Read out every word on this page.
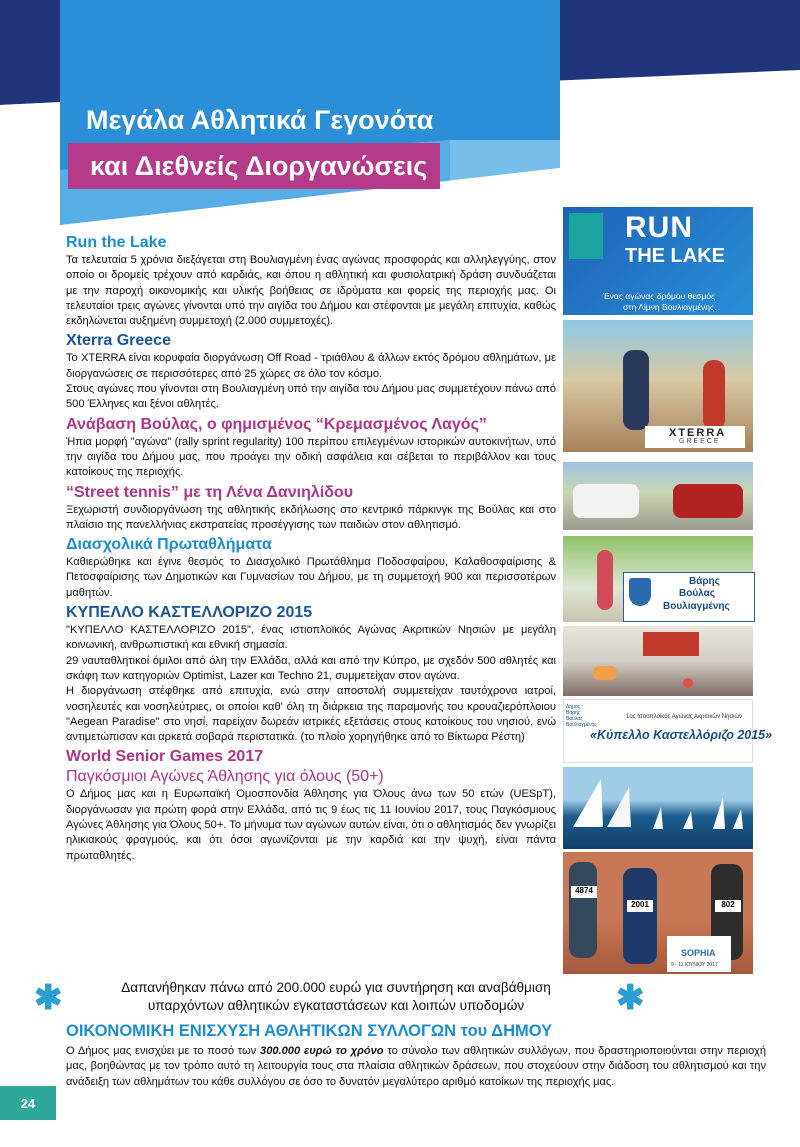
Μεγάλα Αθλητικά Γεγονότα
και Διεθνείς Διοργανώσεις

Run the Lake

Τα τελευταία 5 χρόνια διεξάγεται στη Βουλιαγμένη ένας αγώνας προσφοράς και αλληλεγγύης, στον οποίο οι δρομείς τρέχουν από καρδιάς, και όπου η αθλητική και φυσιολατρική δράση συνδυάζεται με την παροχή οικονομικής και υλικής βοήθειας σε ιδρύματα και φορείς της περιοχής μας. Οι τελευταίοι τρεις αγώνες γίνονται υπό την αιγίδα του Δήμου και στέφονται με μεγάλη επιτυχία, καθώς εκδηλώνεται αυξημένη συμμετοχή (2.000 συμμετοχές).

Xterra Greece

Το XTERRA είναι κορυφαία διοργάνωση Off Road - τριάθλου & άλλων εκτός δρόμου αθλημάτων, με διοργανώσεις σε περισσότερες από 25 χώρες σε όλο τον κόσμο.

Στους αγώνες που γίνονται στη Βουλιαγμένη υπό την αιγίδα του Δήμου μας συμμετέχουν πάνω από 500 Έλληνες και ξένοι αθλητές.

Ανάβαση Βούλας, ο φημισμένος “Κρεμασμένος Λαγός”

Ήπια μορφή "αγώνα" (rally sprint regularity) 100 περίπου επιλεγμένων ιστορικών αυτοκινήτων, υπό την αιγίδα του Δήμου μας, που προάγει την οδική ασφάλεια και σέβεται το περιβάλλον και τους κατοίκους της περιοχής.

“Street tennis” με τη Λένα Δανιηλίδου

Ξεχωριστή συνδιοργάνωση της αθλητικής εκδήλωσης στο κεντρικό πάρκινγκ της Βούλας και στο πλαίσιο της πανελλήνιας εκστρατείας προσέγγισης των παιδιών στον αθλητισμό.

Διασχολικά Πρωταθλήματα

Καθιερώθηκε και έγινε θεσμός το Διασχολικό Πρωτάθλημα Ποδοσφαίρου, Καλαθοσφαίρισης & Πετοσφαίρισης των Δημοτικών και Γυμνασίων του Δήμου, με τη συμμετοχή 900 και περισσοτέρων μαθητών.

ΚΥΠΕΛΛΟ ΚΑΣΤΕΛΛΟΡΙΖΟ 2015

"ΚΥΠΕΛΛΟ ΚΑΣΤΕΛΛΟΡΙΖΟ 2015", ένας ιστιοπλοϊκός Αγώνας Ακριτικών Νησιών με μεγάλη κοινωνική, ανθρωπιστική και εθνική σημασία.

29 ναυταθλητικοί όμιλοι από όλη την Ελλάδα, αλλά και από την Κύπρο, με σχεδόν 500 αθλητές και σκάφη των κατηγοριών Optimist, Lazer και Techno 21, συμμετείχαν στον αγώνα.

Η διοργάνωση στέφθηκε από επιτυχία, ενώ στην αποστολή συμμετείχαν ταυτόχρονα ιατροί, νοσηλευτές και νοσηλεύτριες, οι οποίοι καθ' όλη τη διάρκεια της παραμονής του κρουαζιερόπλοιου "Aegean Paradise" στο νησί, παρείχαν δωρεάν ιατρικές εξετάσεις στους κατοίκους του νησιού, ενώ αντιμετώπισαν και αρκετά σοβαρά περιστατικά. (το πλοίο χορηγήθηκε από το Βίκτωρα Ρέστη)

World Senior Games 2017

Παγκόσμιοι Αγώνες Άθλησης για όλους (50+)

Ο Δήμος μας και η Ευρωπαϊκή Ομοσπονδία Άθλησης για Όλους άνω των 50 ετών (UESpT), διοργάνωσαν για πρώτη φορά στην Ελλάδα, από τις 9 έως τις 11 Ιουνίου 2017, τους Παγκόσμιους Αγώνες Άθλησης για Όλους 50+. Το μήνυμα των αγώνων αυτών είναι, ότι ο αθλητισμός δεν γνωρίζει ηλικιακούς φραγμούς, και ότι όσοι αγωνίζονται με την καρδιά και την ψυχή, είναι πάντα πρωταθλητές.

RUN
THE LAKE
Ένας αγώνας δρόμου θεσμός
στη Λίμνη Βουλιαγμένης.
XTERRA
GREECE
Βάρης
Βούλας
Βουλιαγμένης
Δήμος Βάρης Βούλας Βουλιαγμένης
1ος Ιστιοπλοϊκός Αγώνας Ακριτικών Νησιών
«Κύπελλο Καστελλόριζο 2015»
4874
2001	802
SOPHIA
9 - 11 ΙΟΥΝΙΟΥ 2017
✱	✱
Δαπανήθηκαν πάνω από 200.000 ευρώ για συντήρηση και αναβάθμιση
υπαρχόντων αθλητικών εγκαταστάσεων και λοιπών υποδομών
ΟΙΚΟΝΟΜΙΚΗ ΕΝΙΣΧΥΣΗ ΑΘΛΗΤΙΚΩΝ ΣΥΛΛΟΓΩΝ του ΔΗΜΟΥ
Ο Δήμος μας ενισχύει με το ποσό των 300.000 ευρώ το χρόνο το σύνολο των αθλητικών συλλόγων, που δραστηριοποιούνται στην περιοχή μας, βοηθώντας με τον τρόπο αυτό τη λειτουργία τους στα πλαίσια αθλητικών δράσεων, που στοχεύουν στην διάδοση του αθλητισμού και την ανάδειξη των αθλημάτων του κάθε συλλόγου σε όσο το δυνατόν μεγαλύτερο αριθμό κατοίκων της περιοχής μας.
24
